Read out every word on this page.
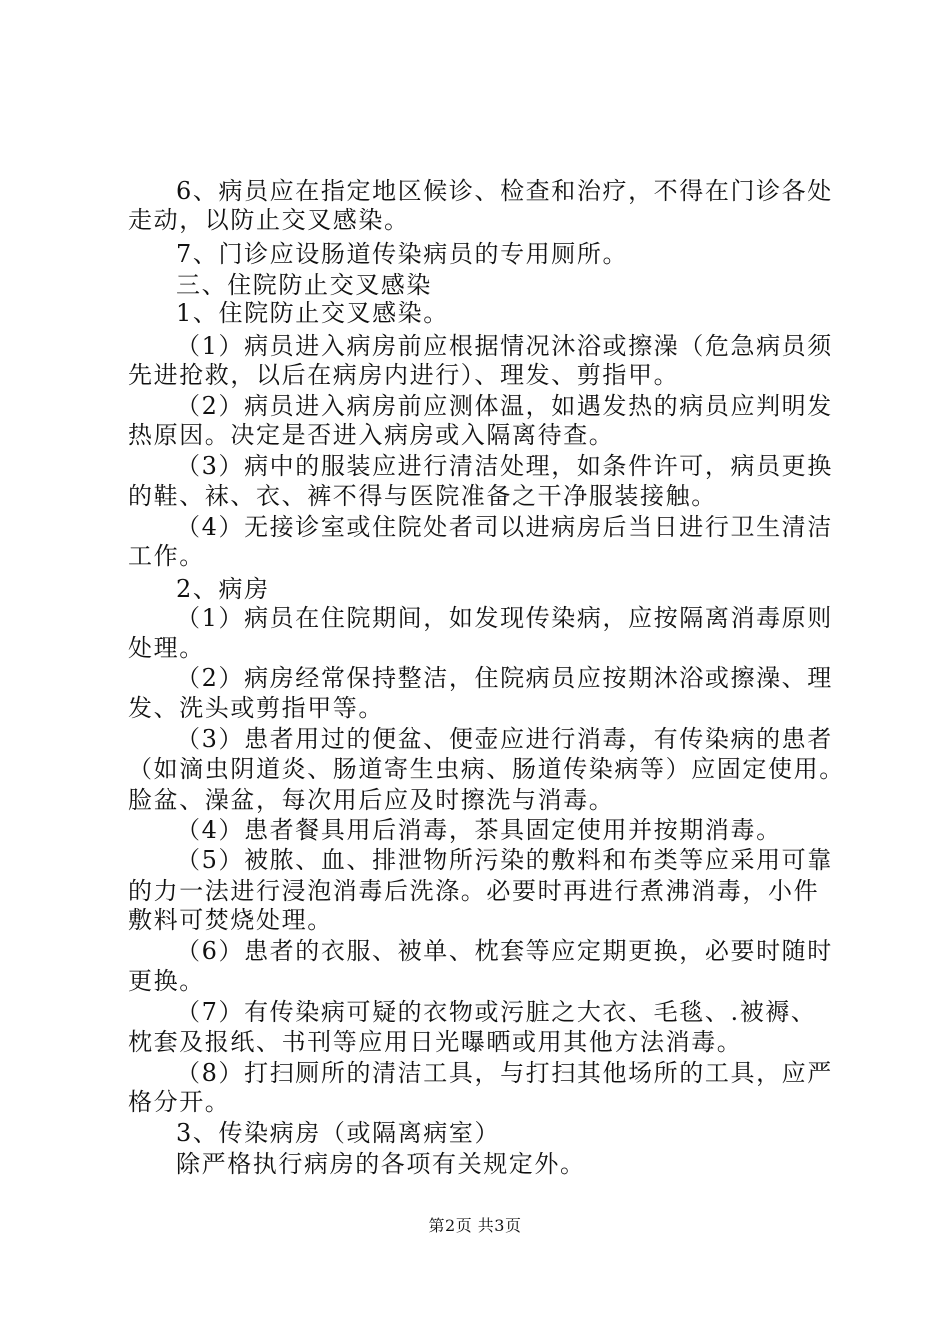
6、病员应在指定地区候诊、检查和治疗，不得在门诊各处
走动，以防止交叉感染。
7、门诊应设肠道传染病员的专用厕所。
三、住院防止交叉感染
1、住院防止交叉感染。
（1）病员进入病房前应根据情况沐浴或擦澡（危急病员须
先进抢救，以后在病房内进行）、理发、剪指甲。
（2）病员进入病房前应测体温，如遇发热的病员应判明发
热原因。决定是否进入病房或入隔离待查。
（3）病中的服装应进行清洁处理，如条件许可，病员更换
的鞋、袜、衣、裤不得与医院准备之干净服装接触。
（4）无接诊室或住院处者司以进病房后当日进行卫生清洁
工作。
2、病房
（1）病员在住院期间，如发现传染病，应按隔离消毒原则
处理。
（2）病房经常保持整洁，住院病员应按期沐浴或擦澡、理
发、洗头或剪指甲等。
（3）患者用过的便盆、便壶应进行消毒，有传染病的患者
（如滴虫阴道炎、肠道寄生虫病、肠道传染病等）应固定使用。
脸盆、澡盆，每次用后应及时擦洗与消毒。
（4）患者餐具用后消毒，茶具固定使用并按期消毒。
（5）被脓、血、排泄物所污染的敷料和布类等应采用可靠
的力一法进行浸泡消毒后洗涤。必要时再进行煮沸消毒，小件
敷料可焚烧处理。
（6）患者的衣服、被单、枕套等应定期更换，必要时随时
更换。
（7）有传染病可疑的衣物或污脏之大衣、毛毯、.被褥、
枕套及报纸、书刊等应用日光曝晒或用其他方法消毒。
（8）打扫厕所的清洁工具，与打扫其他场所的工具，应严
格分开。
3、传染病房（或隔离病室）
除严格执行病房的各项有关规定外。
第2页 共3页
